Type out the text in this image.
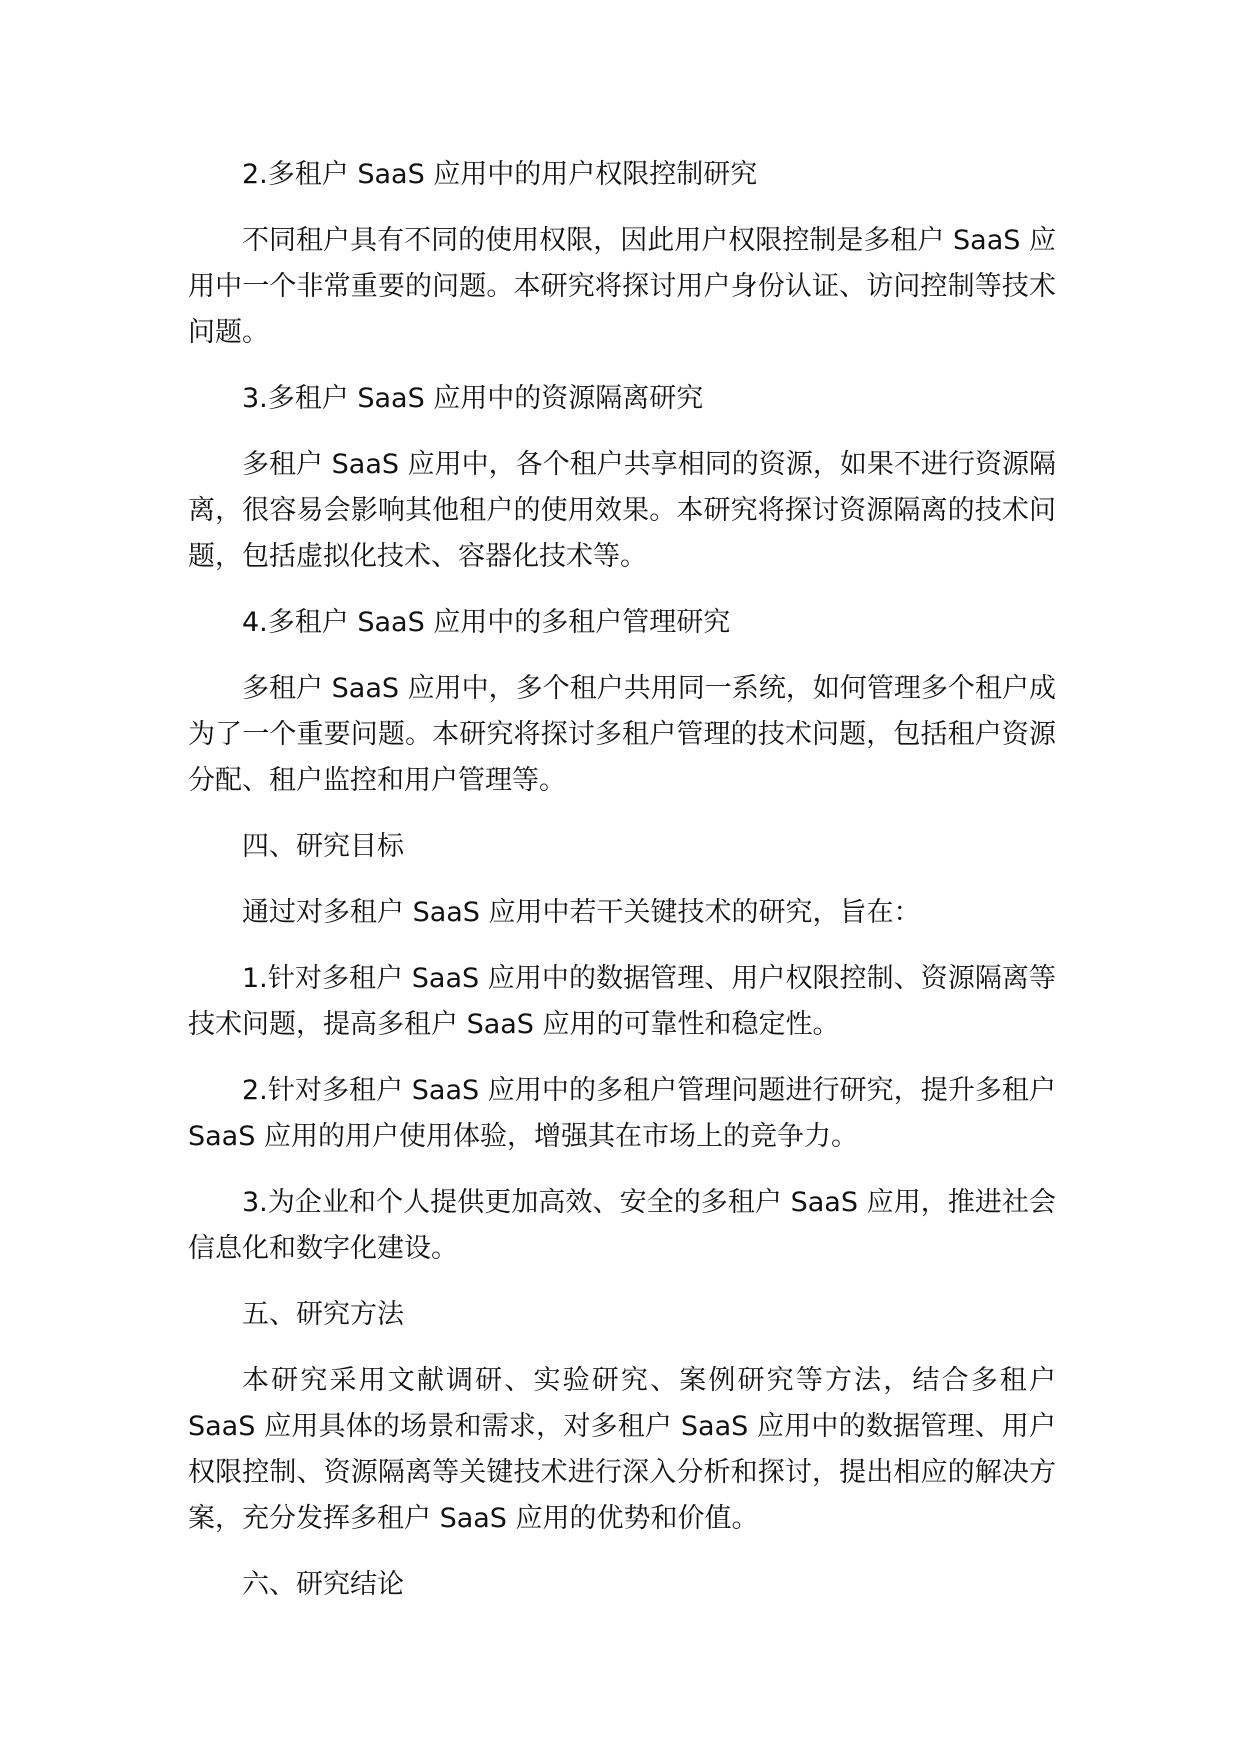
2.多租户 SaaS 应用中的用户权限控制研究

不同租户具有不同的使用权限，因此用户权限控制是多租户 SaaS 应用中一个非常重要的问题。本研究将探讨用户身份认证、访问控制等技术问题。

3.多租户 SaaS 应用中的资源隔离研究

多租户 SaaS 应用中，各个租户共享相同的资源，如果不进行资源隔离，很容易会影响其他租户的使用效果。本研究将探讨资源隔离的技术问题，包括虚拟化技术、容器化技术等。

4.多租户 SaaS 应用中的多租户管理研究

多租户 SaaS 应用中，多个租户共用同一系统，如何管理多个租户成为了一个重要问题。本研究将探讨多租户管理的技术问题，包括租户资源分配、租户监控和用户管理等。

四、研究目标

通过对多租户 SaaS 应用中若干关键技术的研究，旨在：

1.针对多租户 SaaS 应用中的数据管理、用户权限控制、资源隔离等技术问题，提高多租户 SaaS 应用的可靠性和稳定性。

2.针对多租户 SaaS 应用中的多租户管理问题进行研究，提升多租户 SaaS 应用的用户使用体验，增强其在市场上的竞争力。

3.为企业和个人提供更加高效、安全的多租户 SaaS 应用，推进社会信息化和数字化建设。

五、研究方法

本研究采用文献调研、实验研究、案例研究等方法，结合多租户 SaaS 应用具体的场景和需求，对多租户 SaaS 应用中的数据管理、用户权限控制、资源隔离等关键技术进行深入分析和探讨，提出相应的解决方案，充分发挥多租户 SaaS 应用的优势和价值。

六、研究结论
